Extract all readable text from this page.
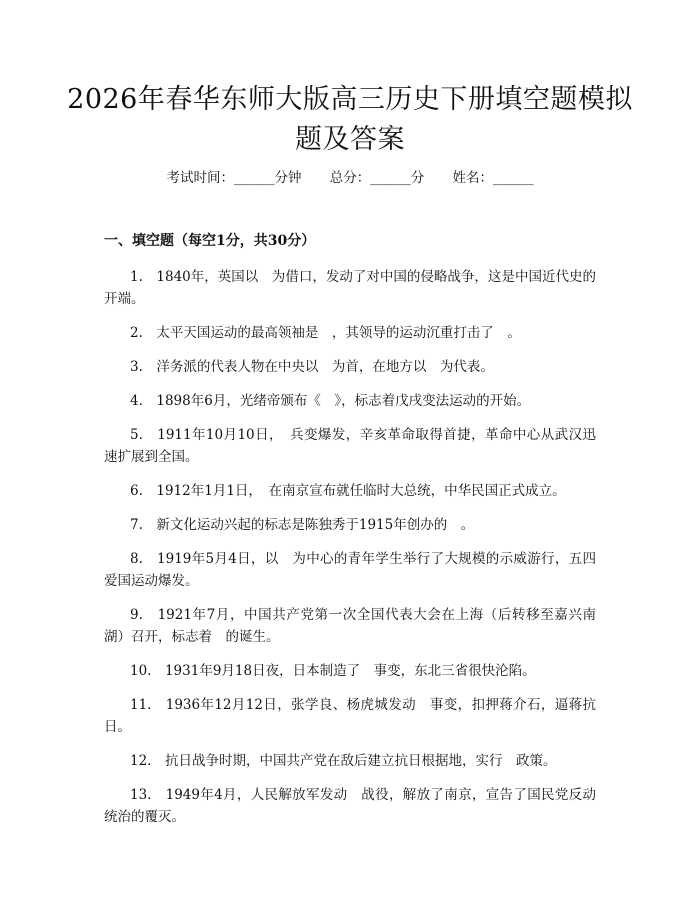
2026年春华东师大版高三历史下册填空题模拟题及答案
考试时间：______分钟 总分：______分 姓名：______
一、填空题（每空1分，共30分）
1.　1840年，英国以　为借口，发动了对中国的侵略战争，这是中国近代史的开端。
2.　太平天国运动的最高领袖是　，其领导的运动沉重打击了　。
3.　洋务派的代表人物在中央以　为首，在地方以　为代表。
4.　1898年6月，光绪帝颁布《　》，标志着戊戌变法运动的开始。
5.　1911年10月10日，　兵变爆发，辛亥革命取得首捷，革命中心从武汉迅速扩展到全国。
6.　1912年1月1日，　在南京宣布就任临时大总统，中华民国正式成立。
7.　新文化运动兴起的标志是陈独秀于1915年创办的　。
8.　1919年5月4日，以　为中心的青年学生举行了大规模的示威游行，五四爱国运动爆发。
9.　1921年7月，中国共产党第一次全国代表大会在上海（后转移至嘉兴南湖）召开，标志着　的诞生。
10.　1931年9月18日夜，日本制造了　事变，东北三省很快沦陷。
11.　1936年12月12日，张学良、杨虎城发动　事变，扣押蒋介石，逼蒋抗日。
12.　抗日战争时期，中国共产党在敌后建立抗日根据地，实行　政策。
13.　1949年4月，人民解放军发动　战役，解放了南京，宣告了国民党反动统治的覆灭。
